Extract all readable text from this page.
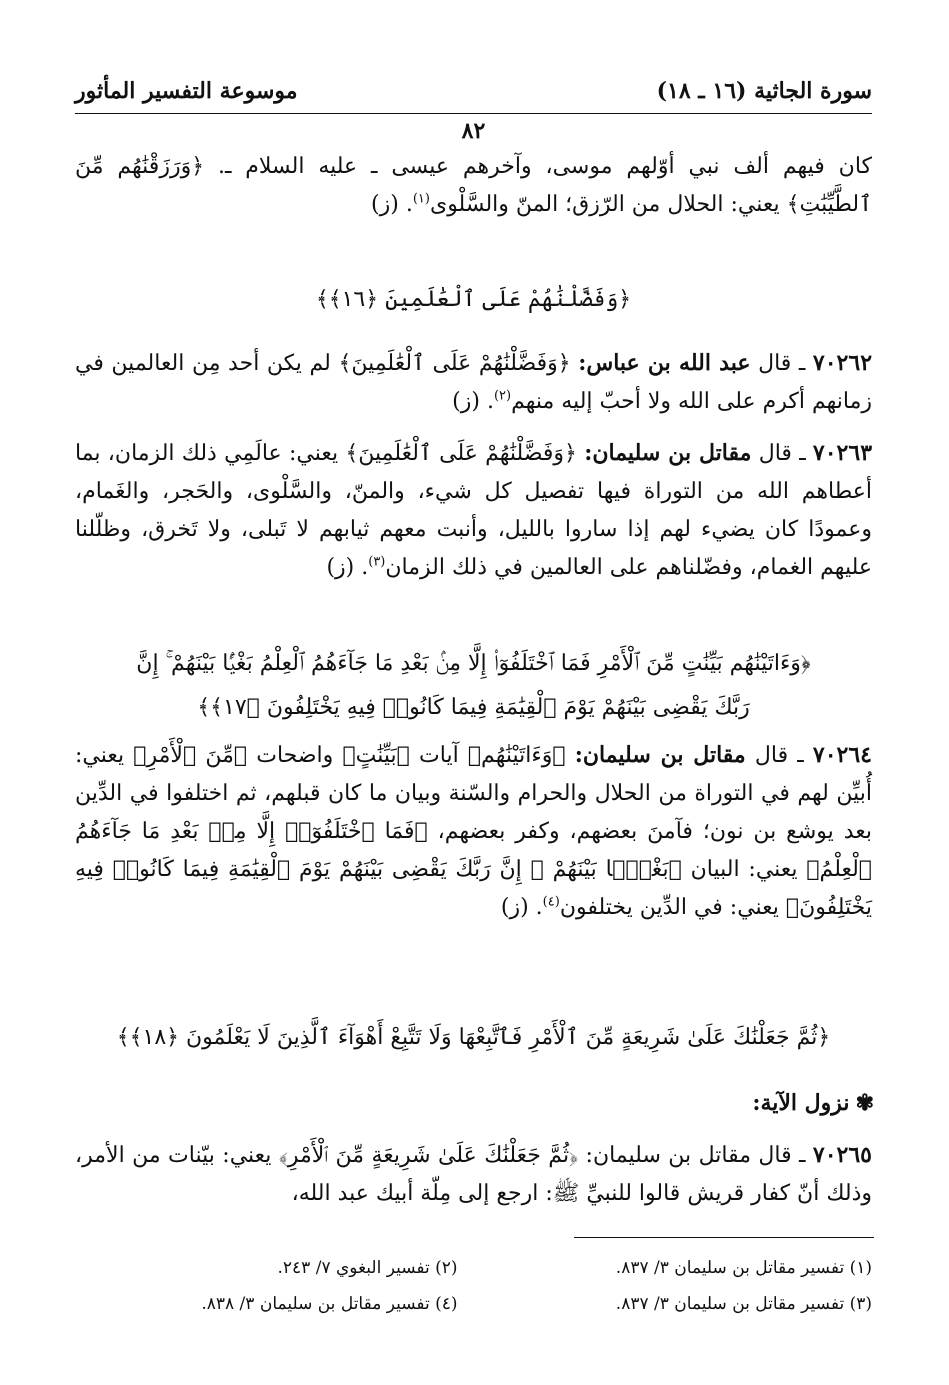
سورة الجاثية (١٦ ـ ١٨)
موسوعة التفسير المأثور
٨٢

كان فيهم ألف نبي أوّلهم موسى، وآخرهم عيسى ـ عليه السلام ـ. ﴿وَرَزَقْنَٰهُم مِّنَ ٱلطَّيِّبَٰتِ﴾ يعني: الحلال من الرّزق؛ المنّ والسَّلْوى$^{(١)}$. (ز)

﴿وَفَضَّلْنَٰهُمْ عَلَى ٱلْعَٰلَمِينَ ﴿١٦﴾﴾

٧٠٢٦٢ ـ قال عبد الله بن عباس: ﴿وَفَضَّلْنَٰهُمْ عَلَى ٱلْعَٰلَمِينَ﴾ لم يكن أحد مِن العالمين في زمانهم أكرم على الله ولا أحبّ إليه منهم$^{(٢)}$. (ز)

٧٠٢٦٣ ـ قال مقاتل بن سليمان: ﴿وَفَضَّلْنَٰهُمْ عَلَى ٱلْعَٰلَمِينَ﴾ يعني: عالَمِي ذلك الزمان، بما أعطاهم الله من التوراة فيها تفصيل كل شيء، والمنّ، والسَّلْوى، والحَجر، والغَمام، وعمودًا كان يضيء لهم إذا ساروا بالليل، وأنبت معهم ثيابهم لا تَبلى، ولا تَخرق، وظلّلنا عليهم الغمام، وفضّلناهم على العالمين في ذلك الزمان$^{(٣)}$. (ز)

﴿وَءَاتَيْنَٰهُم بَيِّنَٰتٍ مِّنَ ٱلْأَمْرِ فَمَا ٱخْتَلَفُوٓا۟ إِلَّا مِنۢ بَعْدِ مَا جَآءَهُمُ ٱلْعِلْمُ بَغْيًۢا بَيْنَهُمْ ۚ إِنَّ
رَبَّكَ يَقْضِى بَيْنَهُمْ يَوْمَ ٱلْقِيَٰمَةِ فِيمَا كَانُوا۟ فِيهِ يَخْتَلِفُونَ ﴿١٧﴾﴾

٧٠٢٦٤ ـ قال مقاتل بن سليمان: ﴿وَءَاتَيْنَٰهُم﴾ آيات ﴿بَيِّنَٰتٍ﴾ واضحات ﴿مِّنَ ٱلْأَمْرِ﴾ يعني: أُبيِّن لهم في التوراة من الحلال والحرام والسّنة وبيان ما كان قبلهم، ثم اختلفوا في الدِّين بعد يوشع بن نون؛ فآمنَ بعضهم، وكفر بعضهم، ﴿فَمَا ٱخْتَلَفُوٓا۟ إِلَّا مِنۢ بَعْدِ مَا جَآءَهُمُ ٱلْعِلْمُ﴾ يعني: البيان ﴿بَغْيًۢا بَيْنَهُمْ ۚ إِنَّ رَبَّكَ يَقْضِى بَيْنَهُمْ يَوْمَ ٱلْقِيَٰمَةِ فِيمَا كَانُوا۟ فِيهِ يَخْتَلِفُونَ﴾ يعني: في الدِّين يختلفون$^{(٤)}$. (ز)

﴿ثُمَّ جَعَلْنَٰكَ عَلَىٰ شَرِيعَةٍ مِّنَ ٱلْأَمْرِ فَٱتَّبِعْهَا وَلَا تَتَّبِعْ أَهْوَآءَ ٱلَّذِينَ لَا يَعْلَمُونَ ﴿١٨﴾﴾
✾نزول الآية:

٧٠٢٦٥ ـ قال مقاتل بن سليمان: ﴿ثُمَّ جَعَلْنَٰكَ عَلَىٰ شَرِيعَةٍ مِّنَ ٱلْأَمْرِ﴾ يعني: بيّنات من الأمر، وذلك أنّ كفار قريش قالوا للنبيِّ ﷺ: ارجع إلى مِلّة أبيك عبد الله،

(١) تفسير مقاتل بن سليمان ٣/ ٨٣٧.
(٢) تفسير البغوي ٧/ ٢٤٣.
(٣) تفسير مقاتل بن سليمان ٣/ ٨٣٧.
(٤) تفسير مقاتل بن سليمان ٣/ ٨٣٨.
